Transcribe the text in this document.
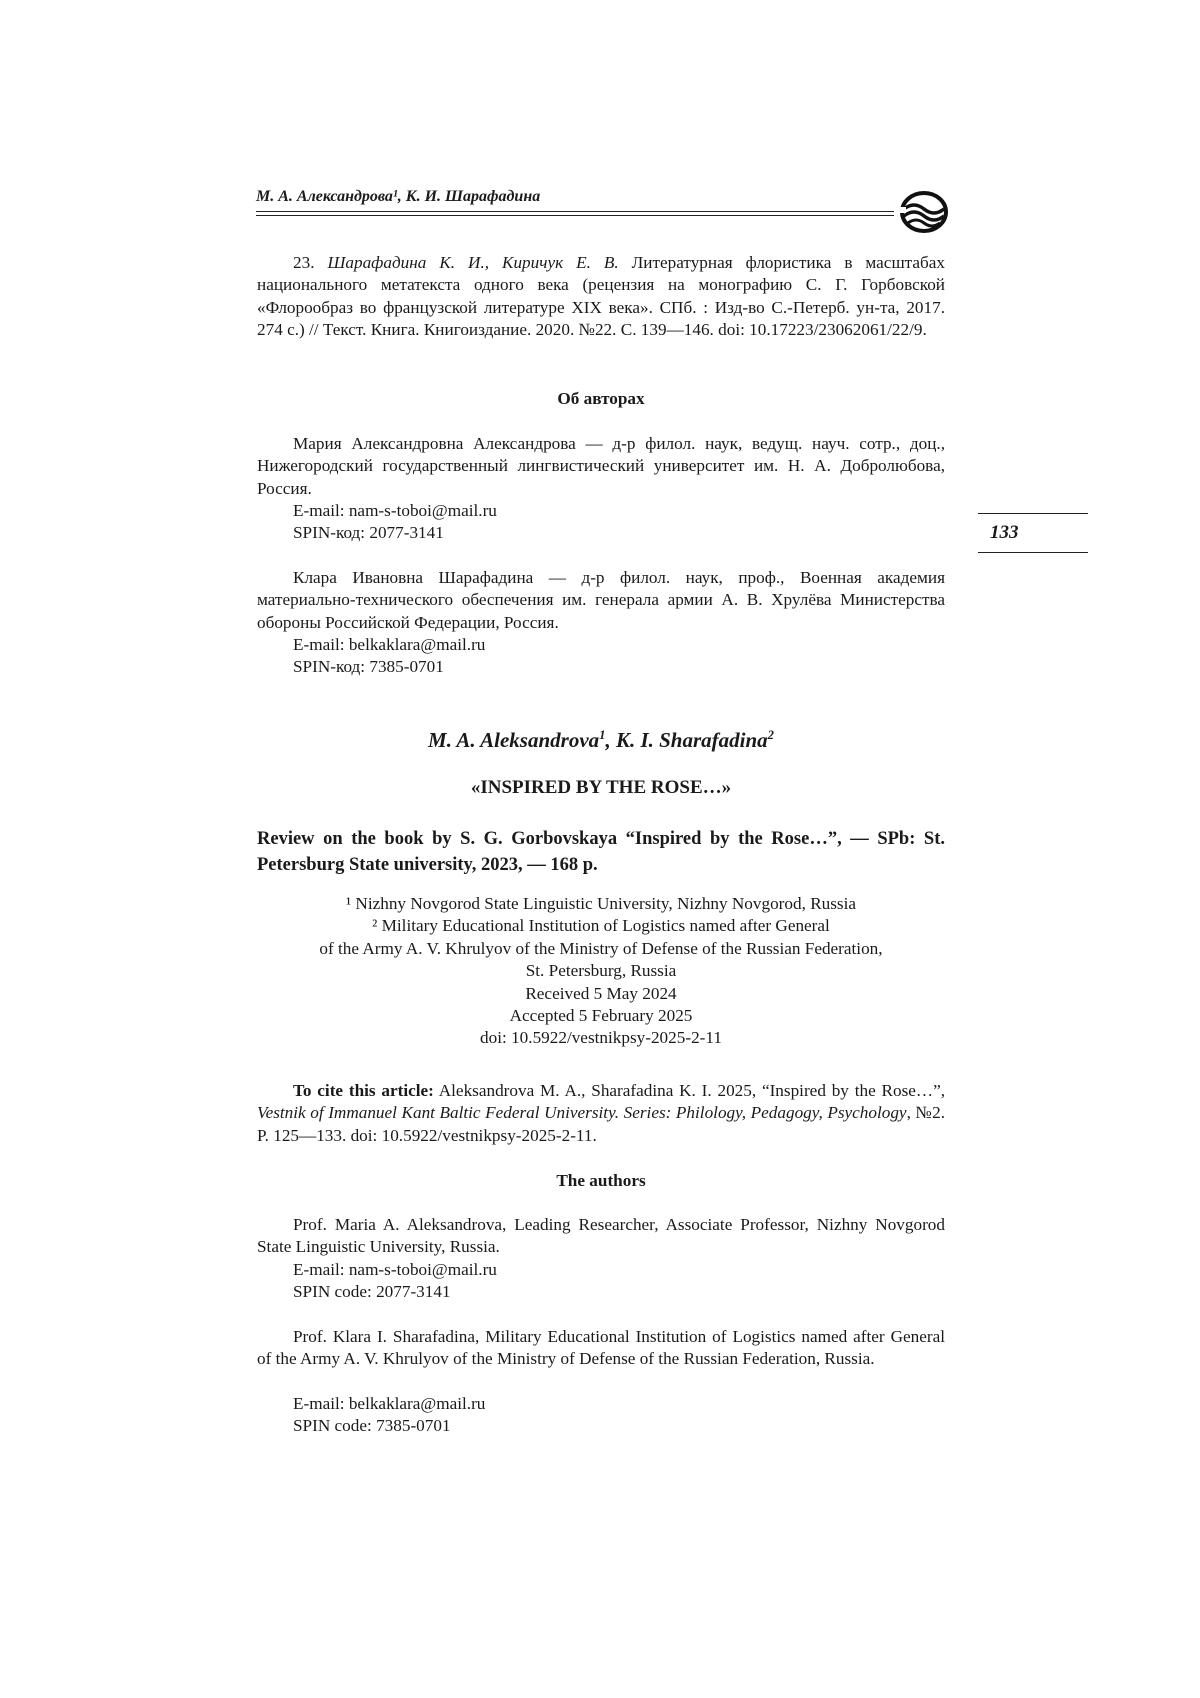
М. А. Александрова¹, К. И. Шарафадина
23. Шарафадина К. И., Киричук Е. В. Литературная флористика в масштабах национального метатекста одного века (рецензия на монографию С. Г. Горбовской «Флорообраз во французской литературе XIX века». СПб. : Изд-во С.-Петерб. ун-та, 2017. 274 с.) // Текст. Книга. Книгоиздание. 2020. №22. С. 139—146. doi: 10.17223/23062061/22/9.
Об авторах
Мария Александровна Александрова — д-р филол. наук, ведущ. науч. сотр., доц., Нижегородский государственный лингвистический университет им. Н. А. Добролюбова, Россия.
E-mail: nam-s-toboi@mail.ru
SPIN-код: 2077-3141
Клара Ивановна Шарафадина — д-р филол. наук, проф., Военная академия материально-технического обеспечения им. генерала армии А. В. Хрулёва Министерства обороны Российской Федерации, Россия.
E-mail: belkaklara@mail.ru
SPIN-код: 7385-0701
133
M. A. Aleksandrova$^1$, K. I. Sharafadina$^2$
«INSPIRED BY THE ROSE…»
Review on the book by S. G. Gorbovskaya “Inspired by the Rose…”, — SPb: St. Petersburg State university, 2023, — 168 p.
¹ Nizhny Novgorod State Linguistic University, Nizhny Novgorod, Russia
² Military Educational Institution of Logistics named after General
of the Army A. V. Khrulyov of the Ministry of Defense of the Russian Federation,
St. Petersburg, Russia
Received 5 May 2024
Accepted 5 February 2025
doi: 10.5922/vestnikpsy-2025-2-11
To cite this article: Aleksandrova M. A., Sharafadina K. I. 2025, “Inspired by the Rose…”, Vestnik of Immanuel Kant Baltic Federal University. Series: Philology, Pedagogy, Psychology, №2. P. 125—133. doi: 10.5922/vestnikpsy-2025-2-11.
The authors
Prof. Maria A. Aleksandrova, Leading Researcher, Associate Professor, Nizhny Novgorod State Linguistic University, Russia.
E-mail: nam-s-toboi@mail.ru
SPIN code: 2077-3141
Prof. Klara I. Sharafadina, Military Educational Institution of Logistics named after General of the Army A. V. Khrulyov of the Ministry of Defense of the Russian Federation, Russia.
E-mail: belkaklara@mail.ru
SPIN code: 7385-0701
